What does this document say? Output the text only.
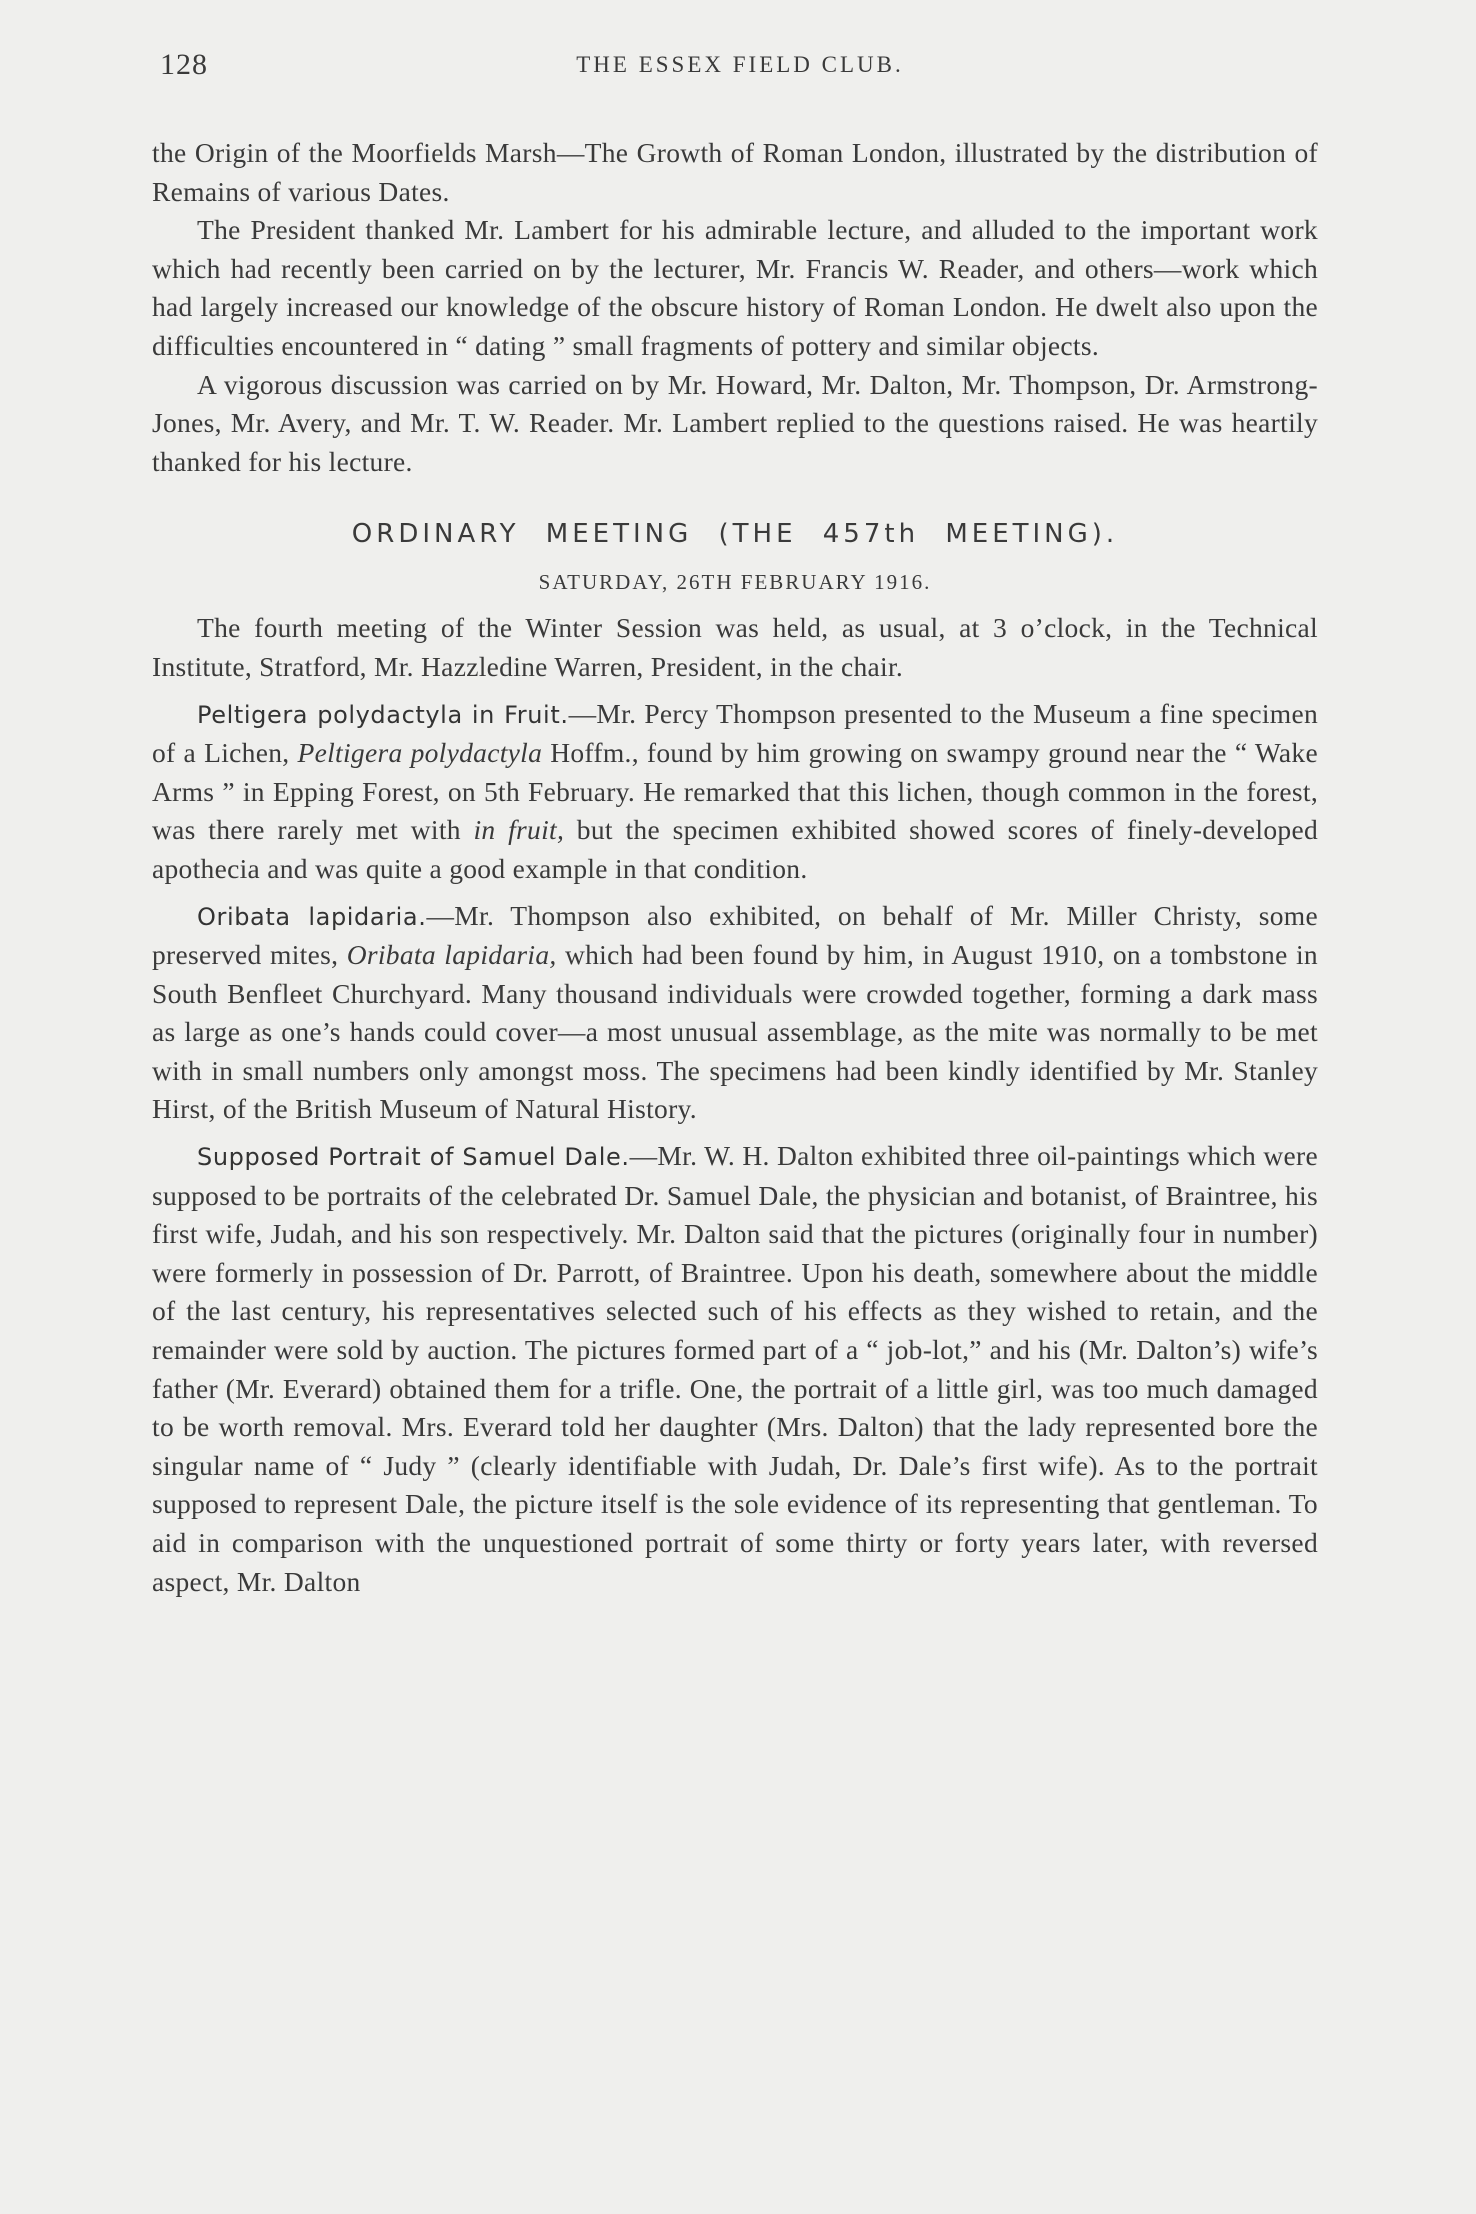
128	THE ESSEX FIELD CLUB.

the Origin of the Moorfields Marsh—The Growth of Roman London, illustrated by the distribution of Remains of various Dates.

The President thanked Mr. Lambert for his admirable lecture, and alluded to the important work which had recently been carried on by the lecturer, Mr. Francis W. Reader, and others—work which had largely increased our knowledge of the obscure history of Roman London. He dwelt also upon the difficulties encountered in “ dating ” small fragments of pottery and similar objects.

A vigorous discussion was carried on by Mr. Howard, Mr. Dalton, Mr. Thompson, Dr. Armstrong-Jones, Mr. Avery, and Mr. T. W. Reader. Mr. Lambert replied to the questions raised. He was heartily thanked for his lecture.

ORDINARY MEETING (THE 457th MEETING).
SATURDAY, 26TH FEBRUARY 1916.

The fourth meeting of the Winter Session was held, as usual, at 3 o’clock, in the Technical Institute, Stratford, Mr. Hazzledine Warren, President, in the chair.

Peltigera polydactyla in Fruit.—Mr. Percy Thompson presented to the Museum a fine specimen of a Lichen, Peltigera polydactyla Hoffm., found by him growing on swampy ground near the “ Wake Arms ” in Epping Forest, on 5th February. He remarked that this lichen, though common in the forest, was there rarely met with in fruit, but the specimen exhibited showed scores of finely-developed apothecia and was quite a good example in that condition.

Oribata lapidaria.—Mr. Thompson also exhibited, on behalf of Mr. Miller Christy, some preserved mites, Oribata lapidaria, which had been found by him, in August 1910, on a tombstone in South Benfleet Churchyard. Many thousand individuals were crowded together, forming a dark mass as large as one’s hands could cover—a most unusual assemblage, as the mite was normally to be met with in small numbers only amongst moss. The specimens had been kindly identified by Mr. Stanley Hirst, of the British Museum of Natural History.

Supposed Portrait of Samuel Dale.—Mr. W. H. Dalton exhibited three oil-paintings which were supposed to be portraits of the celebrated Dr. Samuel Dale, the physician and botanist, of Braintree, his first wife, Judah, and his son respectively. Mr. Dalton said that the pictures (originally four in number) were formerly in possession of Dr. Parrott, of Braintree. Upon his death, somewhere about the middle of the last century, his representatives selected such of his effects as they wished to retain, and the remainder were sold by auction. The pictures formed part of a “ job-lot,” and his (Mr. Dalton’s) wife’s father (Mr. Everard) obtained them for a trifle. One, the portrait of a little girl, was too much damaged to be worth removal. Mrs. Everard told her daughter (Mrs. Dalton) that the lady represented bore the singular name of “ Judy ” (clearly identifiable with Judah, Dr. Dale’s first wife). As to the portrait supposed to represent Dale, the picture itself is the sole evidence of its representing that gentleman. To aid in comparison with the unquestioned portrait of some thirty or forty years later, with reversed aspect, Mr. Dalton
